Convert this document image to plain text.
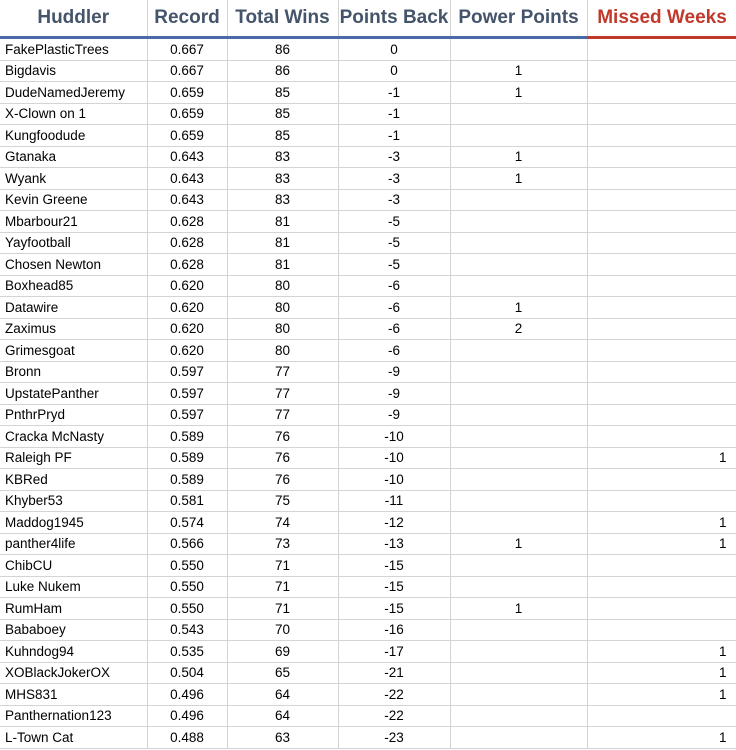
Huddler	Record	Total Wins	Points Back	Power Points	Missed Weeks
FakePlasticTrees	0.667	86	0		
Bigdavis	0.667	86	0	1	
DudeNamedJeremy	0.659	85	-1	1	
X-Clown on 1	0.659	85	-1		
Kungfoodude	0.659	85	-1		
Gtanaka	0.643	83	-3	1	
Wyank	0.643	83	-3	1	
Kevin Greene	0.643	83	-3		
Mbarbour21	0.628	81	-5		
Yayfootball	0.628	81	-5		
Chosen Newton	0.628	81	-5		
Boxhead85	0.620	80	-6		
Datawire	0.620	80	-6	1	
Zaximus	0.620	80	-6	2	
Grimesgoat	0.620	80	-6		
Bronn	0.597	77	-9		
UpstatePanther	0.597	77	-9		
PnthrPryd	0.597	77	-9		
Cracka McNasty	0.589	76	-10		
Raleigh PF	0.589	76	-10		1
KBRed	0.589	76	-10		
Khyber53	0.581	75	-11		
Maddog1945	0.574	74	-12		1
panther4life	0.566	73	-13	1	1
ChibCU	0.550	71	-15		
Luke Nukem	0.550	71	-15		
RumHam	0.550	71	-15	1	
Bababoey	0.543	70	-16		
Kuhndog94	0.535	69	-17		1
XOBlackJokerOX	0.504	65	-21		1
MHS831	0.496	64	-22		1
Panthernation123	0.496	64	-22		
L-Town Cat	0.488	63	-23		1
